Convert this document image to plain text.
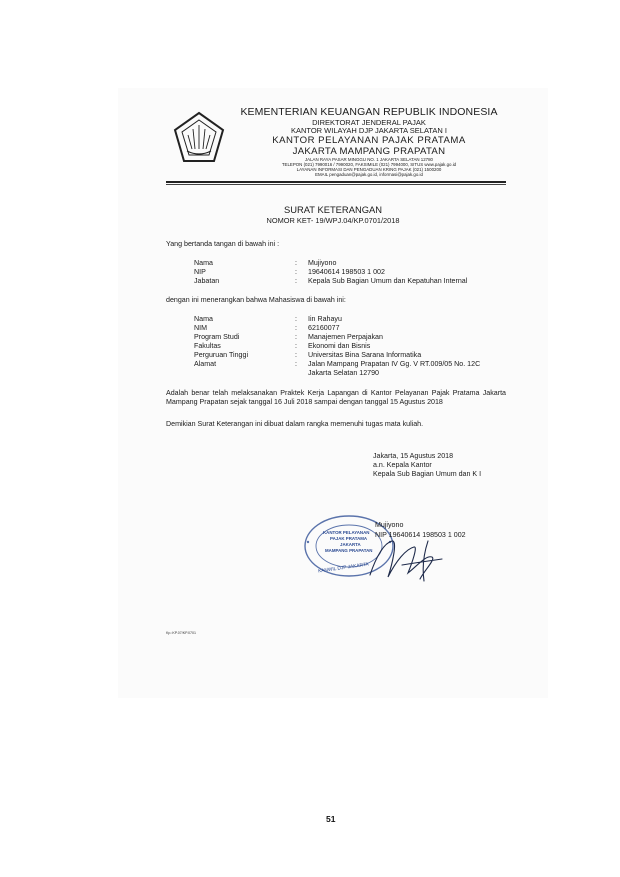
KEMENTERIAN KEUANGAN REPUBLIK INDONESIA
DIREKTORAT JENDERAL PAJAK
KANTOR WILAYAH DJP JAKARTA SELATAN I
KANTOR PELAYANAN PAJAK PRATAMA
JAKARTA MAMPANG PRAPATAN
JALAN RAYA PASAR MINGGU NO. 1 JAKARTA SELATAN 12780
TELEPON (021) 7990016 / 7990020, FAKSIMILE (021) 7994000, SITUS www.pajak.go.id
LAYANAN INFORMASI DAN PENGADUAN KRING PAJAK (021) 1500200
EMAIL pengaduan@pajak.go.id, informasi@pajak.go.id
SURAT KETERANGAN
NOMOR KET- 19/WPJ.04/KP.0701/2018
Yang bertanda tangan di bawah ini :
Nama	: Mujiyono
NIP	: 19640614 198503 1 002
Jabatan	: Kepala Sub Bagian Umum dan Kepatuhan Internal
dengan ini menerangkan bahwa Mahasiswa di bawah ini:
Nama	: Iin Rahayu
NIM	: 62160077
Program Studi	: Manajemen Perpajakan
Fakultas	: Ekonomi dan Bisnis
Perguruan Tinggi	: Universitas Bina Sarana Informatika
Alamat	: Jalan Mampang Prapatan IV Gg. V RT.009/05 No. 12C
Jakarta Selatan 12790
Adalah benar telah melaksanakan Praktek Kerja Lapangan di Kantor Pelayanan Pajak Pratama Jakarta Mampang Prapatan sejak tanggal 16 Juli 2018 sampai dengan tanggal 15 Agustus 2018
Demikian Surat Keterangan ini dibuat dalam rangka memenuhi tugas mata kuliah.
Jakarta, 15 Agustus 2018
a.n. Kepala Kantor
Kepala Sub Bagian Umum dan K I
KANTOR PELAYANAN
PAJAK PRATAMA
JAKARTA
MAMPANG PRAPATAN
KANWIL DJP JAKARTA
Mujiyono
NIP 19640614 198503 1 002
Kp.:KP.07/KP.0701
51
